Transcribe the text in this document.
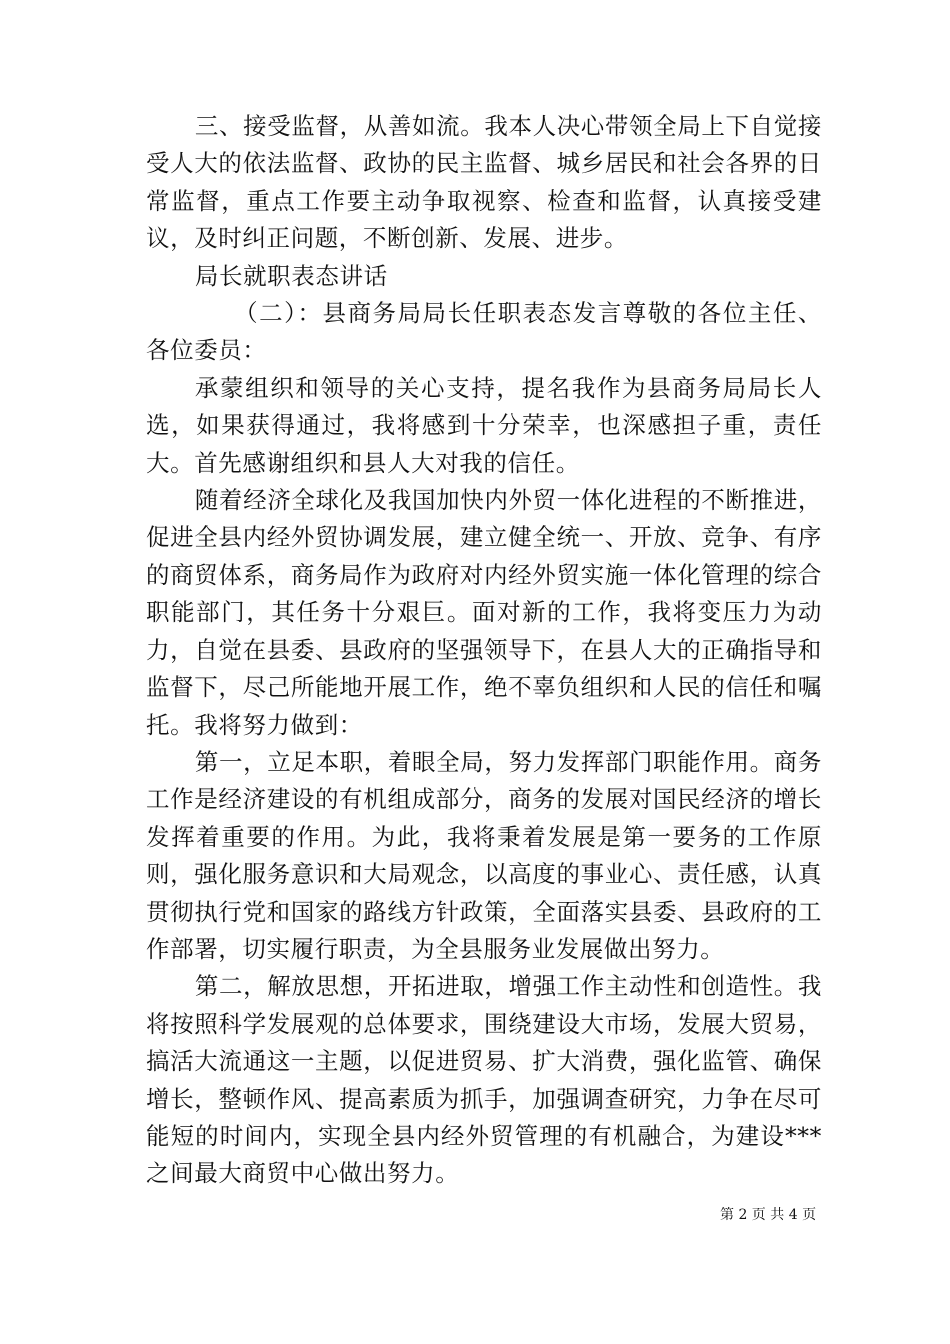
三、接受监督，从善如流。我本人决心带领全局上下自觉接受人大的依法监督、政协的民主监督、城乡居民和社会各界的日常监督，重点工作要主动争取视察、检查和监督，认真接受建议，及时纠正问题，不断创新、发展、进步。

局长就职表态讲话

（二）：县商务局局长任职表态发言尊敬的各位主任、各位委员：

承蒙组织和领导的关心支持，提名我作为县商务局局长人选，如果获得通过，我将感到十分荣幸，也深感担子重，责任大。首先感谢组织和县人大对我的信任。

随着经济全球化及我国加快内外贸一体化进程的不断推进，促进全县内经外贸协调发展，建立健全统一、开放、竞争、有序的商贸体系，商务局作为政府对内经外贸实施一体化管理的综合职能部门，其任务十分艰巨。面对新的工作，我将变压力为动力，自觉在县委、县政府的坚强领导下，在县人大的正确指导和监督下，尽己所能地开展工作，绝不辜负组织和人民的信任和嘱托。我将努力做到：

第一，立足本职，着眼全局，努力发挥部门职能作用。商务工作是经济建设的有机组成部分，商务的发展对国民经济的增长发挥着重要的作用。为此，我将秉着发展是第一要务的工作原则，强化服务意识和大局观念，以高度的事业心、责任感，认真贯彻执行党和国家的路线方针政策，全面落实县委、县政府的工作部署，切实履行职责，为全县服务业发展做出努力。

第二，解放思想，开拓进取，增强工作主动性和创造性。我将按照科学发展观的总体要求，围绕建设大市场，发展大贸易，搞活大流通这一主题，以促进贸易、扩大消费，强化监管、确保增长，整顿作风、提高素质为抓手，加强调查研究，力争在尽可能短的时间内，实现全县内经外贸管理的有机融合，为建设***之间最大商贸中心做出努力。

第 2 页 共 4 页
